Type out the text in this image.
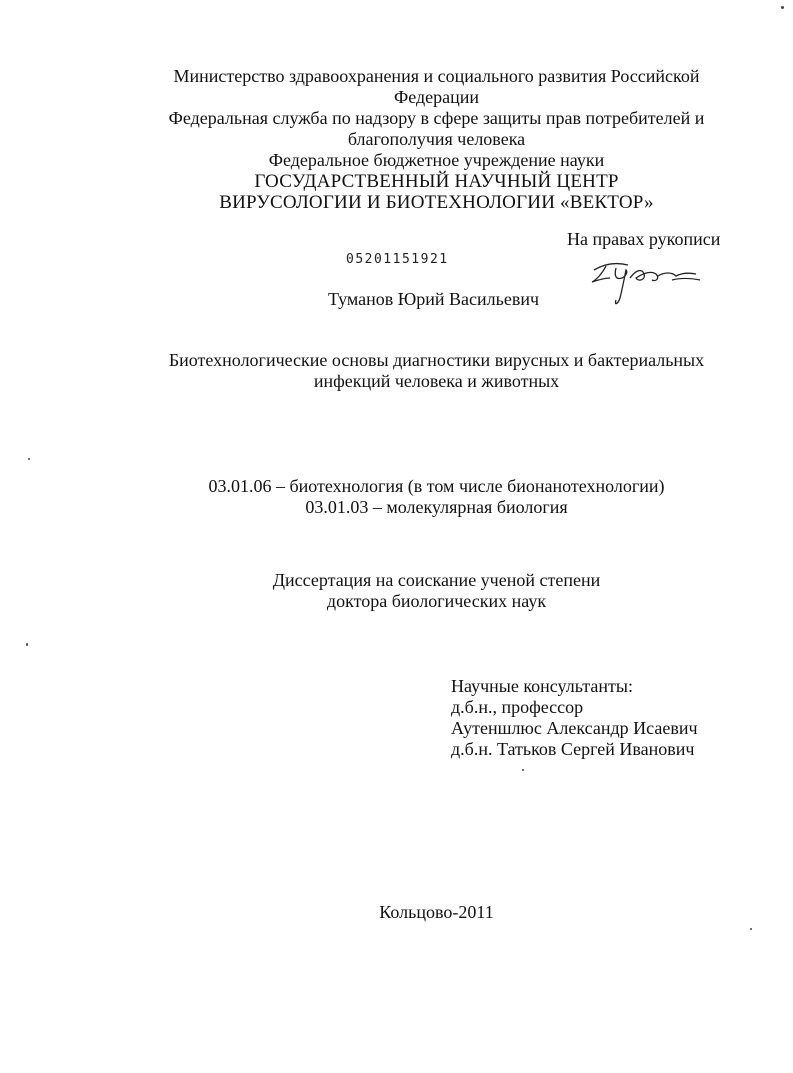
Министерство здравоохранения и социального развития Российской
Федерации
Федеральная служба по надзору в сфере защиты прав потребителей и
благополучия человека
Федеральное бюджетное учреждение науки
ГОСУДАРСТВЕННЫЙ НАУЧНЫЙ ЦЕНТР
ВИРУСОЛОГИИ И БИОТЕХНОЛОГИИ «ВЕКТОР»
На правах рукописи
05201151921
Туманов Юрий Васильевич
Биотехнологические основы диагностики вирусных и бактериальных
инфекций человека и животных
03.01.06 – биотехнология (в том числе бионанотехнологии)
03.01.03 – молекулярная биология
Диссертация на соискание ученой степени
доктора биологических наук
Научные консультанты:
д.б.н., профессор
Аутеншлюс Александр Исаевич
д.б.н. Татьков Сергей Иванович
Кольцово-2011
